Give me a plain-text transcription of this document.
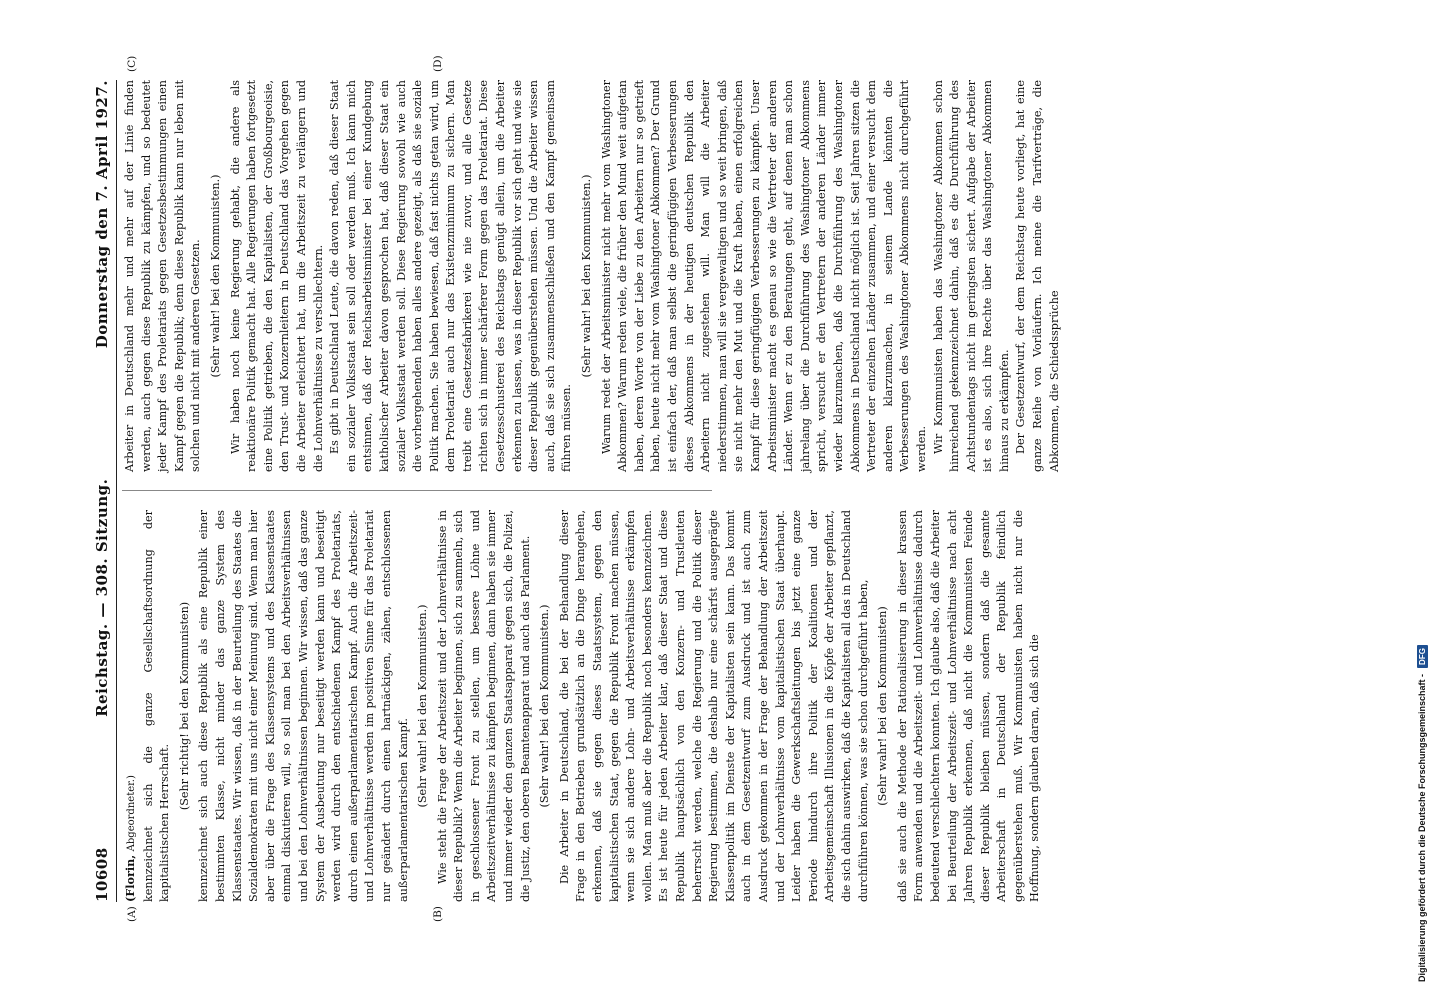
10608
Reichstag. — 308. Sitzung.
Donnerstag den 7. April 1927.
(A)	(B)
(C)	(D)

(Florin, Abgeordneter.) kennzeichnet sich die ganze Gesellschaftsordnung der kapitalistischen Herrschaft.

(Sehr richtig! bei den Kommunisten) kennzeichnet sich auch diese Republik als eine Republik einer bestimmten Klasse, nicht minder das ganze System des Klassenstaates. Wir wissen, daß in der Beurteilung des Staates die Sozialdemokraten mit uns nicht einer Meinung sind. Wenn man hier aber über die Frage des Klassensystems und des Klassenstaates einmal diskutieren will, so soll man bei den Arbeitsverhältnissen und bei den Lohnverhältnissen beginnen. Wir wissen, daß das ganze System der Ausbeutung nur beseitigt werden kann und beseitigt werden wird durch den entschiedenen Kampf des Proletariats, durch einen außerparlamentarischen Kampf. Auch die Arbeitszeit- und Lohnverhältnisse werden im positiven Sinne für das Proletariat nur geändert durch einen hartnäckigen, zähen, entschlossenen außerparlamentarischen Kampf.

(Sehr wahr! bei den Kommunisten.) Wie steht die Frage der Arbeitszeit und der Lohnverhältnisse in dieser Republik? Wenn die Arbeiter beginnen, sich zu sammeln, sich in geschlossener Front zu stellen, um bessere Löhne und Arbeitszeitverhältnisse zu kämpfen beginnen, dann haben sie immer und immer wieder den ganzen Staatsapparat gegen sich, die Polizei, die Justiz, den oberen Beamtenapparat und auch das Parlament. (Sehr wahr! bei den Kommunisten.) Die Arbeiter in Deutschland, die bei der Behandlung dieser Frage in den Betrieben grundsätzlich an die Dinge herangehen, erkennen, daß sie gegen dieses Staatssystem, gegen den kapitalistischen Staat, gegen die Republik Front machen müssen, wenn sie sich andere Lohn- und Arbeitsverhältnisse erkämpfen wollen. Man muß aber die Republik noch besonders kennzeichnen. Es ist heute für jeden Arbeiter klar, daß dieser Staat und diese Republik hauptsächlich von den Konzern- und Trustleuten beherrscht werden, welche die Regierung und die Politik dieser Regierung bestimmen, die deshalb nur eine schärfst ausgeprägte Klassenpolitik im Dienste der Kapitalisten sein kann. Das kommt auch in dem Gesetzentwurf zum Ausdruck und ist auch zum Ausdruck gekommen in der Frage der Behandlung der Arbeitszeit und der Lohnverhältnisse vom kapitalistischen Staat überhaupt. Leider haben die Gewerkschaftsleitungen bis jetzt eine ganze Periode hindurch ihre Politik der Koalitionen und der Arbeitsgemeinschaft Illusionen in die Köpfe der Arbeiter gepflanzt, die sich dahin auswirken, daß die Kapitalisten all das in Deutschland durchführen können, was sie schon durchgeführt haben, (Sehr wahr! bei den Kommunisten) daß sie auch die Methode der Rationalisierung in dieser krassen Form anwenden und die Arbeitszeit- und Lohnverhältnisse dadurch bedeutend verschlechtern konnten. Ich glaube also, daß die Arbeiter bei Beurteilung der Arbeitszeit- und Lohnverhältnisse nach acht Jahren Republik erkennen, daß nicht die Kommunisten Feinde dieser Republik bleiben müssen, sondern daß die gesamte Arbeiterschaft in Deutschland der Republik feindlich gegenüberstehen muß. Wir Kommunisten haben nicht nur die Hoffnung, sondern glauben daran, daß sich die

Arbeiter in Deutschland mehr und mehr auf der Linie finden werden, auch gegen diese Republik zu kämpfen, und so bedeutet jeder Kampf des Proletariats gegen Gesetzesbestimmungen einen Kampf gegen die Republik; denn diese Republik kann nur leben mit solchen und nicht mit anderen Gesetzen. (Sehr wahr! bei den Kommunisten.) Wir haben noch keine Regierung gehabt, die andere als reaktionäre Politik gemacht hat. Alle Regierungen haben fortgesetzt eine Politik getrieben, die den Kapitalisten, der Großbourgeoisie, den Trust- und Konzernleitern in Deutschland das Vorgehen gegen die Arbeiter erleichtert hat, um die Arbeitszeit zu verlängern und die Lohnverhältnisse zu verschlechtern. Es gibt in Deutschland Leute, die davon reden, daß dieser Staat ein sozialer Volksstaat sein soll oder werden muß. Ich kann mich entsinnen, daß der Reichsarbeitsminister bei einer Kundgebung katholischer Arbeiter davon gesprochen hat, daß dieser Staat ein sozialer Volksstaat werden soll. Diese Regierung sowohl wie auch die vorhergehenden haben alles andere gezeigt, als daß sie soziale Politik machen. Sie haben bewiesen, daß fast nichts getan wird, um dem Proletariat auch nur das Existenzminimum zu sichern. Man treibt eine Gesetzesfabrikerei wie nie zuvor, und alle Gesetze richten sich in immer schärferer Form gegen das Proletariat. Diese Gesetzesschusterei des Reichstags genügt allein, um die Arbeiter erkennen zu lassen, was in dieser Republik vor sich geht und wie sie dieser Republik gegenüberstehen müssen. Und die Arbeiter wissen auch, daß sie sich zusammenschließen und den Kampf gemeinsam führen müssen.

(Sehr wahr! bei den Kommunisten.) Warum redet der Arbeitsminister nicht mehr vom Washingtoner Abkommen? Warum reden viele, die früher den Mund weit aufgetan haben, deren Worte von der Liebe zu den Arbeitern nur so getrieft haben, heute nicht mehr vom Washingtoner Abkommen? Der Grund ist einfach der, daß man selbst die geringfügigen Verbesserungen dieses Abkommens in der heutigen deutschen Republik den Arbeitern nicht zugestehen will. Man will die Arbeiter niederstimmen, man will sie vergewaltigen und so weit bringen, daß sie nicht mehr den Mut und die Kraft haben, einen erfolgreichen Kampf für diese geringfügigen Verbesserungen zu kämpfen. Unser Arbeitsminister macht es genau so wie die Vertreter der anderen Länder. Wenn er zu den Beratungen geht, auf denen man schon jahrelang über die Durchführung des Washingtoner Abkommens spricht, versucht er den Vertretern der anderen Länder immer wieder klarzumachen, daß die Durchführung des Washingtoner Abkommens in Deutschland nicht möglich ist. Seit Jahren sitzen die Vertreter der einzelnen Länder zusammen, und einer versucht dem anderen klarzumachen, in seinem Lande könnten die Verbesserungen des Washingtoner Abkommens nicht durchgeführt werden. Wir Kommunisten haben das Washingtoner Abkommen schon hinreichend gekennzeichnet dahin, daß es die Durchführung des Achtstundentags nicht im geringsten sichert. Aufgabe der Arbeiter ist es also, sich ihre Rechte über das Washingtoner Abkommen hinaus zu erkämpfen. Der Gesetzentwurf, der dem Reichstag heute vorliegt, hat eine ganze Reihe von Vorläufern. Ich meine die Tarifverträge, die Abkommen, die Schiedssprüche

Digitalisierung gefördert durch die Deutsche Forschungsgemeinschaft -
DFG
